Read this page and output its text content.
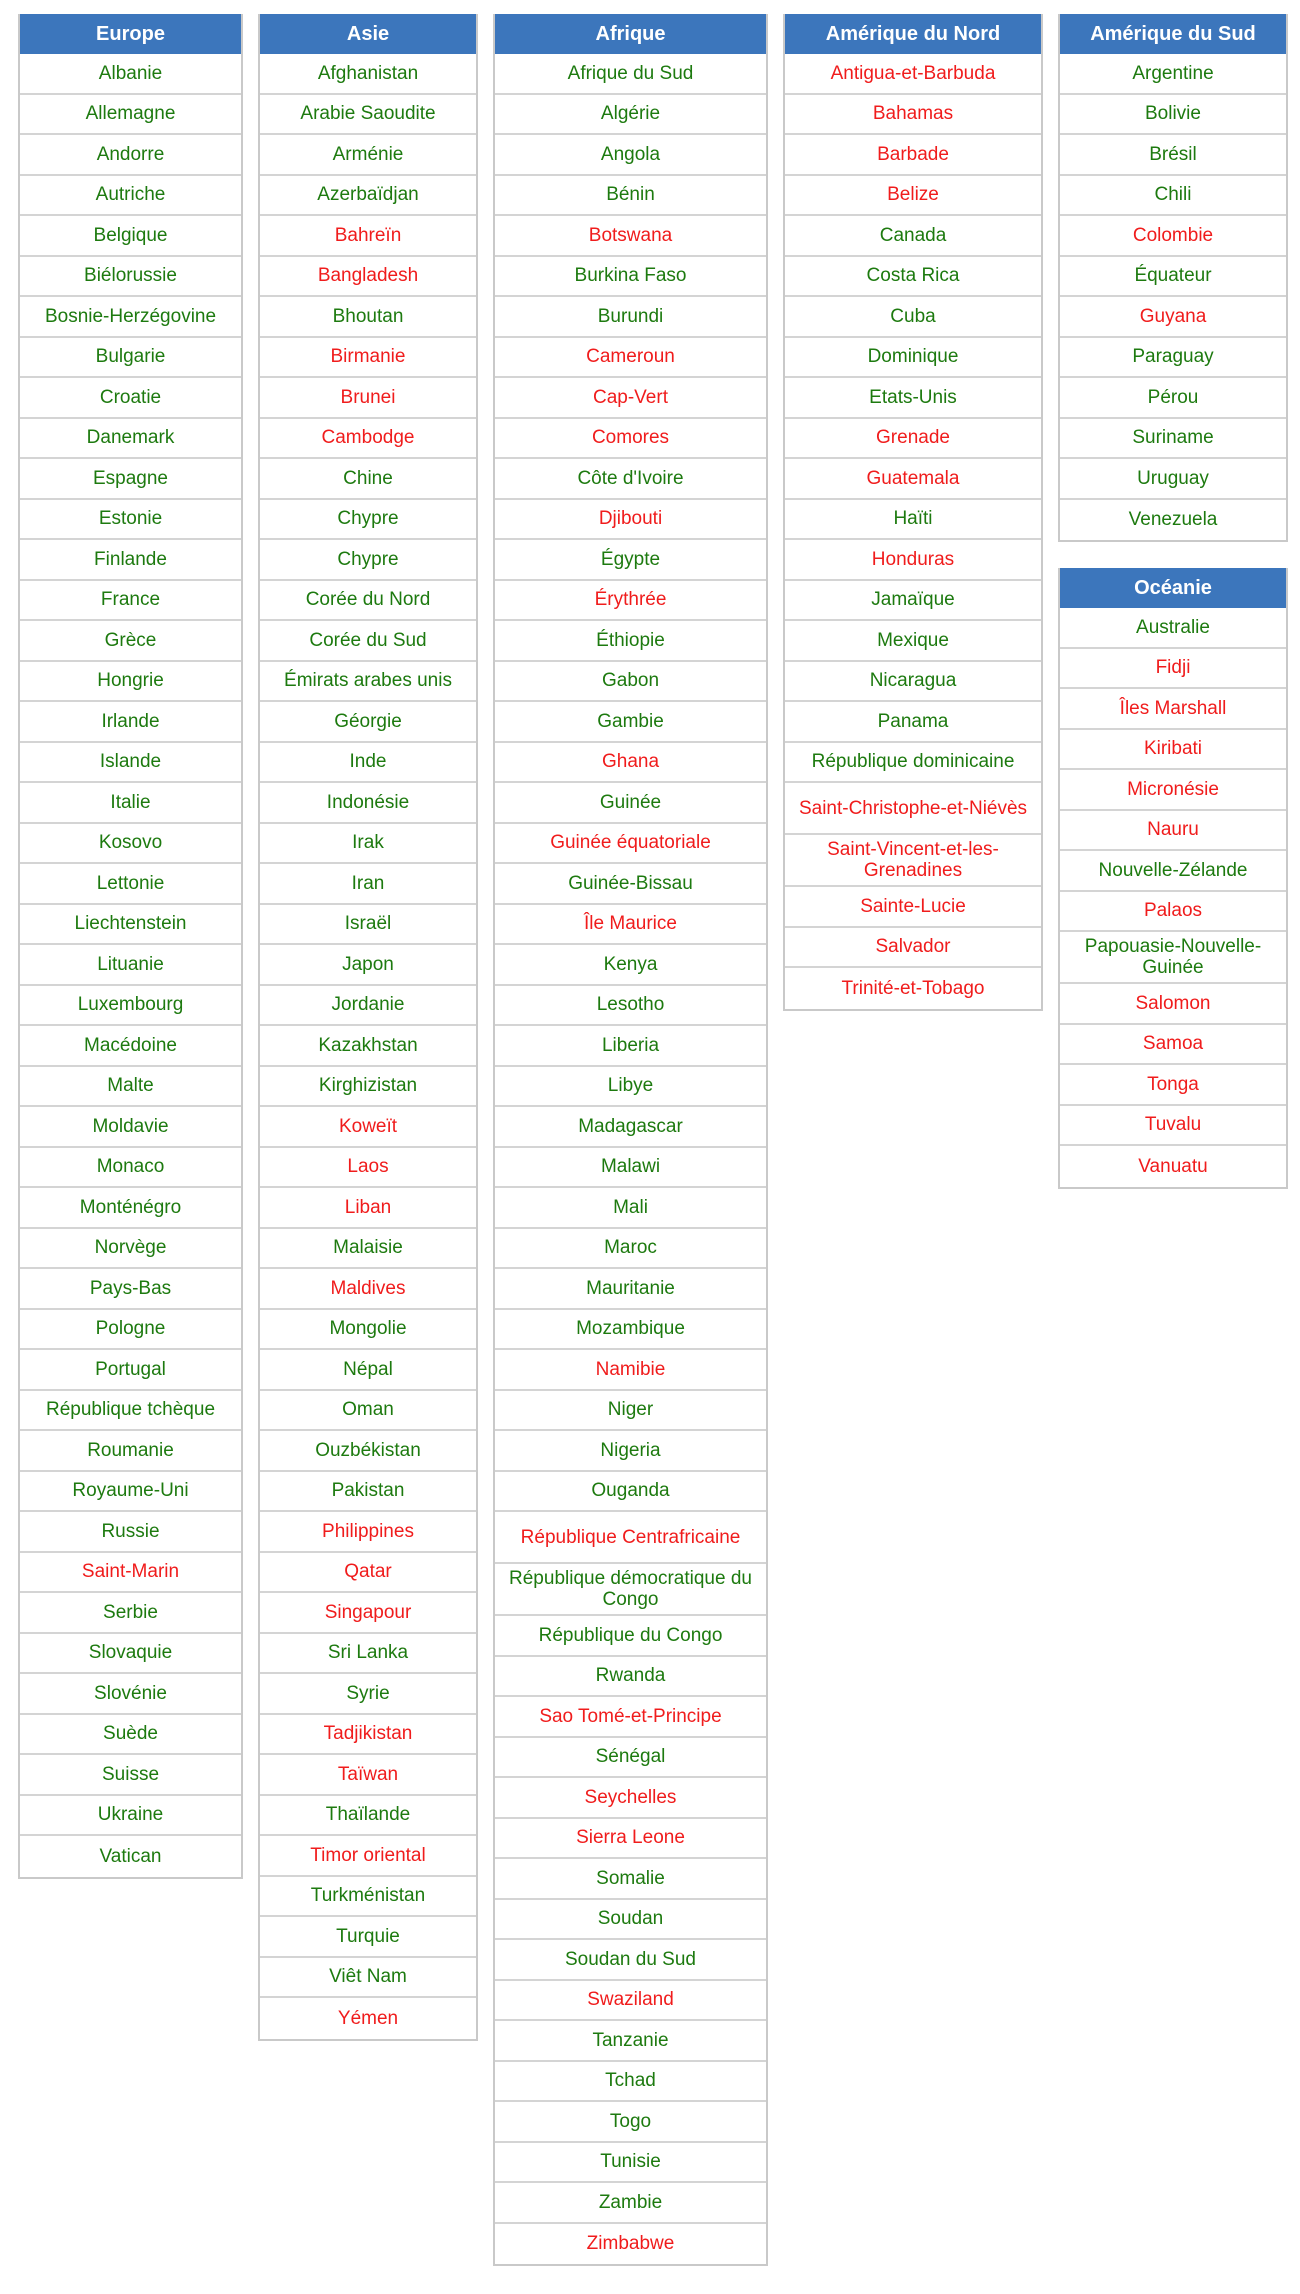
Europe
Albanie
Allemagne
Andorre
Autriche
Belgique
Biélorussie
Bosnie-Herzégovine
Bulgarie
Croatie
Danemark
Espagne
Estonie
Finlande
France
Grèce
Hongrie
Irlande
Islande
Italie
Kosovo
Lettonie
Liechtenstein
Lituanie
Luxembourg
Macédoine
Malte
Moldavie
Monaco
Monténégro
Norvège
Pays-Bas
Pologne
Portugal
République tchèque
Roumanie
Royaume-Uni
Russie
Saint-Marin
Serbie
Slovaquie
Slovénie
Suède
Suisse
Ukraine
Vatican
Asie
Afghanistan
Arabie Saoudite
Arménie
Azerbaïdjan
Bahreïn
Bangladesh
Bhoutan
Birmanie
Brunei
Cambodge
Chine
Chypre
Chypre
Corée du Nord
Corée du Sud
Émirats arabes unis
Géorgie
Inde
Indonésie
Irak
Iran
Israël
Japon
Jordanie
Kazakhstan
Kirghizistan
Koweït
Laos
Liban
Malaisie
Maldives
Mongolie
Népal
Oman
Ouzbékistan
Pakistan
Philippines
Qatar
Singapour
Sri Lanka
Syrie
Tadjikistan
Taïwan
Thaïlande
Timor oriental
Turkménistan
Turquie
Viêt Nam
Yémen
Afrique
Afrique du Sud
Algérie
Angola
Bénin
Botswana
Burkina Faso
Burundi
Cameroun
Cap-Vert
Comores
Côte d'Ivoire
Djibouti
Égypte
Érythrée
Éthiopie
Gabon
Gambie
Ghana
Guinée
Guinée équatoriale
Guinée-Bissau
Île Maurice
Kenya
Lesotho
Liberia
Libye
Madagascar
Malawi
Mali
Maroc
Mauritanie
Mozambique
Namibie
Niger
Nigeria
Ouganda
République Centrafricaine
République démocratique du Congo
République du Congo
Rwanda
Sao Tomé-et-Principe
Sénégal
Seychelles
Sierra Leone
Somalie
Soudan
Soudan du Sud
Swaziland
Tanzanie
Tchad
Togo
Tunisie
Zambie
Zimbabwe
Amérique du Nord
Antigua-et-Barbuda
Bahamas
Barbade
Belize
Canada
Costa Rica
Cuba
Dominique
Etats-Unis
Grenade
Guatemala
Haïti
Honduras
Jamaïque
Mexique
Nicaragua
Panama
République dominicaine
Saint-Christophe-et-Niévès
Saint-Vincent-et-les-Grenadines
Sainte-Lucie
Salvador
Trinité-et-Tobago
Amérique du Sud
Argentine
Bolivie
Brésil
Chili
Colombie
Équateur
Guyana
Paraguay
Pérou
Suriname
Uruguay
Venezuela
Océanie
Australie
Fidji
Îles Marshall
Kiribati
Micronésie
Nauru
Nouvelle-Zélande
Palaos
Papouasie-Nouvelle-Guinée
Salomon
Samoa
Tonga
Tuvalu
Vanuatu
